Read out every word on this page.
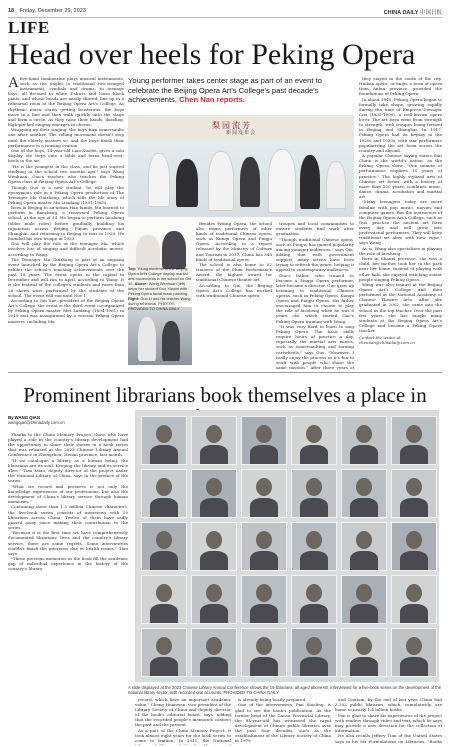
18 Friday, December 29, 2023	CHINA DAILY 中国日报
LIFE
Head over heels for Peking Opera

A five-band tambourine plays musical instruments, such as the jinghu (a traditional two-stringed instrument), cymbals and drums, to teenage boys, all dressed in white T-shirts and loose black pants, and whose heads are neatly shaved, line up in a rehearsal room at the Beijing Opera Art's College. As rhythmic music starts getting boisterous, the boys move in a line and then walk quickly onto the stage and form a circle. As they raise their hands, dazzling, high-pitched singing emerges in chorus.

Wrapping up their singing, the boys turn somersaults one after another. The rolling movement doesn't stop until the elderly masters so, and the boys finish their performance to a rousing ovation.

One of the boys, 14-year-old Liao Xiaolei, gives a solo display. He steps onto a table and turns head-over-heels in the air.

"He is the youngest in the class, and he just started studying at the school two months ago," says Wang Wenhuan, Guo's teacher, who teaches the Peking Opera class at Beijing Opera Art's College.

Though Guo is a new student, he will play the eponymous role in a Peking Opera production of The Teenager Mu Guizhang, which tells the life story of Peking Opera master Mu Lianfang (1891-1965).

Born in Beijing to an urban Han family, Mu learned to perform in Banzheng, a renowned Peking Opera school, at the age of 14. He began to perform laosheng (older male roles) before gradually building his reputation across Beijing, Fujian province and Shanghai, and returning to Beijing to tour in 1928. He founded his own troupe in 1953.

Guo will play the role of the teenager Mu, which involves lots of singing and difficult acrobatic moves, according to Wang.

The Teenager Mu Guizhang is part of an ongoing event launched by the Beijing Opera Art's College to exhibit the school's teaching achievements over the past 10 years. The event opens to the capital in December and will run to April, according to Wang. It is the festival of the college's students and more than 20 shows were performed by the students of the school. The event will run until Nov 1.

According to Qin Xue, president of the Beijing Opera Art's College, the event is the third event co-organized by Peking Opera master Mei Lanfang (1894-1961) in 2019 and was inaugurated by a veteran Peking Opera masters, including Mu.

Young performer takes center stage as part of an event to celebrate the Beijing Opera Art's College's past decade's achievements, Chen Nan reports.
梨园流芳
新闻发布会
Top: Young students of the Beijing Opera Art's College display martial arts movements in the school on Oct 10. Above: Wang Wenhuan (left) helps her student Guo Xiaolei with Peking Opera facial mask painting. Right: Guo Li and his teacher Wang during rehearsal. PHOTOS PROVIDED TO CHINA DAILY

Besides Peking Opera, the school also trains performers of other kinds of traditional Chinese opera, such as Kunqu Opera and Pingju Opera. According to a report released by the Ministry of Culture and Tourism in 2017, China has 348 kinds of traditional opera.

The school is also home to 52 trainees of the Plum Performance Award, the highest award for traditional Chinese theater art.

According to Qin, the Beijing Opera Art's College has worked with traditional Chinese opera

troupes and local communities to ensure students find work after graduation.

"Though traditional Chinese opera, such as Pingju, has gained popularity among younger audiences," says Qin, adding that with government support, many artists have been trying to refresh the genre, helping it appeal to contemporary audiences.

Guo's father, who trained to become a Pingju Opera performer, later became a director. Guo grew up listening to traditional Chinese operas, such as Peking Opera, Kunqu Opera and Pingju Opera. His father encouraged him to choose to play the role of laosheng when he was 8 years old, which started Guo's Peking Opera training with Wang.

"It was very hard to learn to sing Peking Opera. The basic skills require hours of practice a day, especially the martial arts moves, such as somersaulting and turning cartwheels," says Guo. "However, I really enjoy the process as it's fun to work with people who share the same passion." After three years of

they stayed in the south of the city. Huiban opera, or huiju, a form of opera from Anhui province, provided the foundations of Peking Opera.

In about 1840, Peking Opera began to formally take shape, growing rapidly during the time of Empress Dowager Cixi (1835-1908), a well-known opera lover. The art form went from strength to strength, with troupes being formed in Beijing and Shanghai. In 1917, Peking Opera had its heyday in the 1920s and 1930s, with star performers popularizing the art form across the country and abroad.

A popular Chinese saying states that China is the world's nation, as the Peking Opera show. "One minute of performance requires 10 years of practice." The highly stylized arts of Chinese art forms, with a history of more than 200 years, combines music, dance, drama, acrobatics and martial art.

"Many teenagers today are more familiar with pop music, movies and computer games. But the instructors of the Beijing Opera Art's College, such as Guo, practice the ancient art form every day and will grow into professional performers. They will keep traditional art alive with new vigor," says Wang.

As is, Wang also specializes in playing the role of laosheng.

Born in Shanxi province, she was a child, her mother took her to the park near her home. Instead of playing with other kids, she enjoyed watching senior people singing Peking Opera.

Wang was also trained at the Beijing Opera Art's College and then performed at the National Academy of Chinese Theatre Arts. After she graduated in 2002, she came into the school as the top teacher. Over the past few years, she has taught many students at the Beijing Opera Art's College and became a Peking Opera teacher.

Contact the writer at chennan@chinadaily.com.cn
Prominent librarians book themselves a place in
By WANG QIAN
wangqian@chinadaily.com.cn

Thanks to the China Memory Project, those who have played a role in the country's library development had the opportunity to share their stories in a book series that was released at the 2023 Chinese Library Annual Conference in Zhengzhou, Henan province, last month.

"If we catalogue a library as a human being, the librarians are its soul. Keeping the library and its service alive," Tian Miao, deputy director of the project under the National Library of China, says in the preface of the series.

"What we record and preserve is not only the knowledge experiences of our professions, but also the development of China's library service through human memories."

Containing more than 1.3 million Chinese characters, the five-book series consists of interviews with 19 librarians across China. Twelve of them have sadly passed away since making their contribution to the series.

"Because it is the first time we have comprehensively documented librarians' lives and the country's library service, there are some regrets. Some interviewees couldn't finish the interview due to health issues," Tian says.

"These precious memories in the book fill the academic gap of individual experience in the history of the country's library

A slide displayed at the 2023 Chinese Library Annual Conference shows the 19 librarians, all aged above 80, interviewed for a five-book series on the development of the national library sector, with recorded oral accounts. PROVIDED TO CHINA DAILY

record, which have an important academic value," Cheng Huanwen, vice president of the Library Society of China and deputy director of the book's editorial board, says, adding that the recorded people's memories connect the past and the present.

As a part of the China Memory Project, it took almost eight years for the book series to come to fruition. In 2011, the National

is already being busily prepared.

One of the interviewees, Pan Xiaoling, is glad to see the book's publication. As the former head of the Gansu Provincial Library, the 84-year-old has witnessed the rapid development of China's public libraries over the past four decades, such as the establishment of the Library Society of China in 1979.

and Tourism, by the end of last year, China had 3,303 public libraries, which, cumulatively, are home to nearly 1.4 billion books.

Pan is glad to share his experiences of the project with readers through video and text, which he says may provide a new direction for the collection of information.

He also recalls Jeffery Tian of the United States says in his Six Formulations on Libraries, "Books
